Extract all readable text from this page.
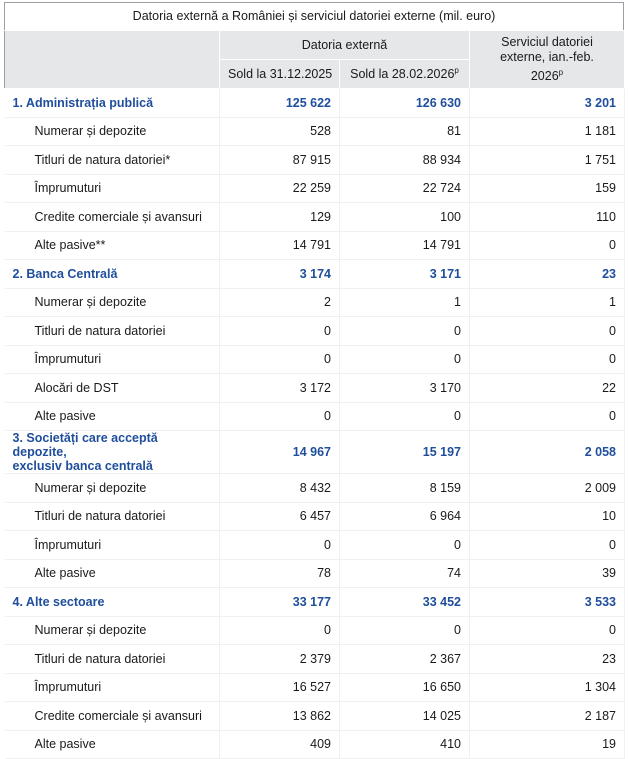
Datoria externă a României și serviciul datoriei externe (mil. euro)
	Datoria externă		Serviciul datoriei
externe, ian.-feb.
2026$^p$

	Sold la 31.12.2025	Sold la 28.02.2026$^p$
1. Administrația publică	125 622	126 630	3 201
Numerar și depozite	528	81	1 181
Titluri de natura datoriei*	87 915	88 934	1 751
Împrumuturi	22 259	22 724	159
Credite comerciale și avansuri	129	100	110
Alte pasive**	14 791	14 791	0
2. Banca Centrală	3 174	3 171	23
Numerar și depozite	2	1	1
Titluri de natura datoriei	0	0	0
Împrumuturi	0	0	0
Alocări de DST	3 172	3 170	22
Alte pasive	0	0	0

3. Societăți care acceptă depozite,
exclusiv banca centrală	14 967	15 197	2 058
Numerar și depozite	8 432	8 159	2 009
Titluri de natura datoriei	6 457	6 964	10
Împrumuturi	0	0	0
Alte pasive	78	74	39
4. Alte sectoare	33 177	33 452	3 533
Numerar și depozite	0	0	0
Titluri de natura datoriei	2 379	2 367	23
Împrumuturi	16 527	16 650	1 304
Credite comerciale și avansuri	13 862	14 025	2 187
Alte pasive	409	410	19
